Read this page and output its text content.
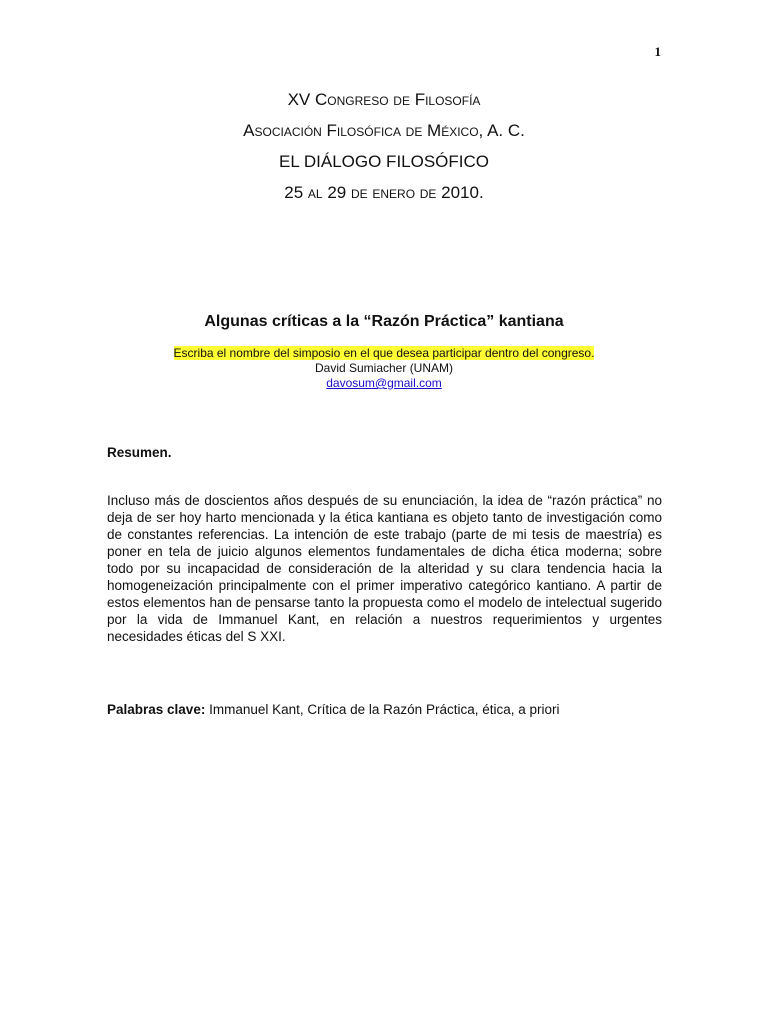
1
XV Congreso de Filosofía
Asociación Filosófica de México, A. C.
EL DIÁLOGO FILOSÓFICO
25 al 29 de enero de 2010.
Algunas críticas a la “Razón Práctica” kantiana
Escriba el nombre del simposio en el que desea participar dentro del congreso.
David Sumiacher (UNAM)
davosum@gmail.com
Resumen.

Incluso más de doscientos años después de su enunciación, la idea de “razón práctica” no deja de ser hoy harto mencionada y la ética kantiana es objeto tanto de investigación como de constantes referencias. La intención de este trabajo (parte de mi tesis de maestría) es poner en tela de juicio algunos elementos fundamentales de dicha ética moderna; sobre todo por su incapacidad de consideración de la alteridad y su clara tendencia hacia la homogeneización principalmente con el primer imperativo categórico kantiano. A partir de estos elementos han de pensarse tanto la propuesta como el modelo de intelectual sugerido por la vida de Immanuel Kant, en relación a nuestros requerimientos y urgentes necesidades éticas del S XXI.

Palabras clave: Immanuel Kant, Crítica de la Razón Práctica, ética, a priori
